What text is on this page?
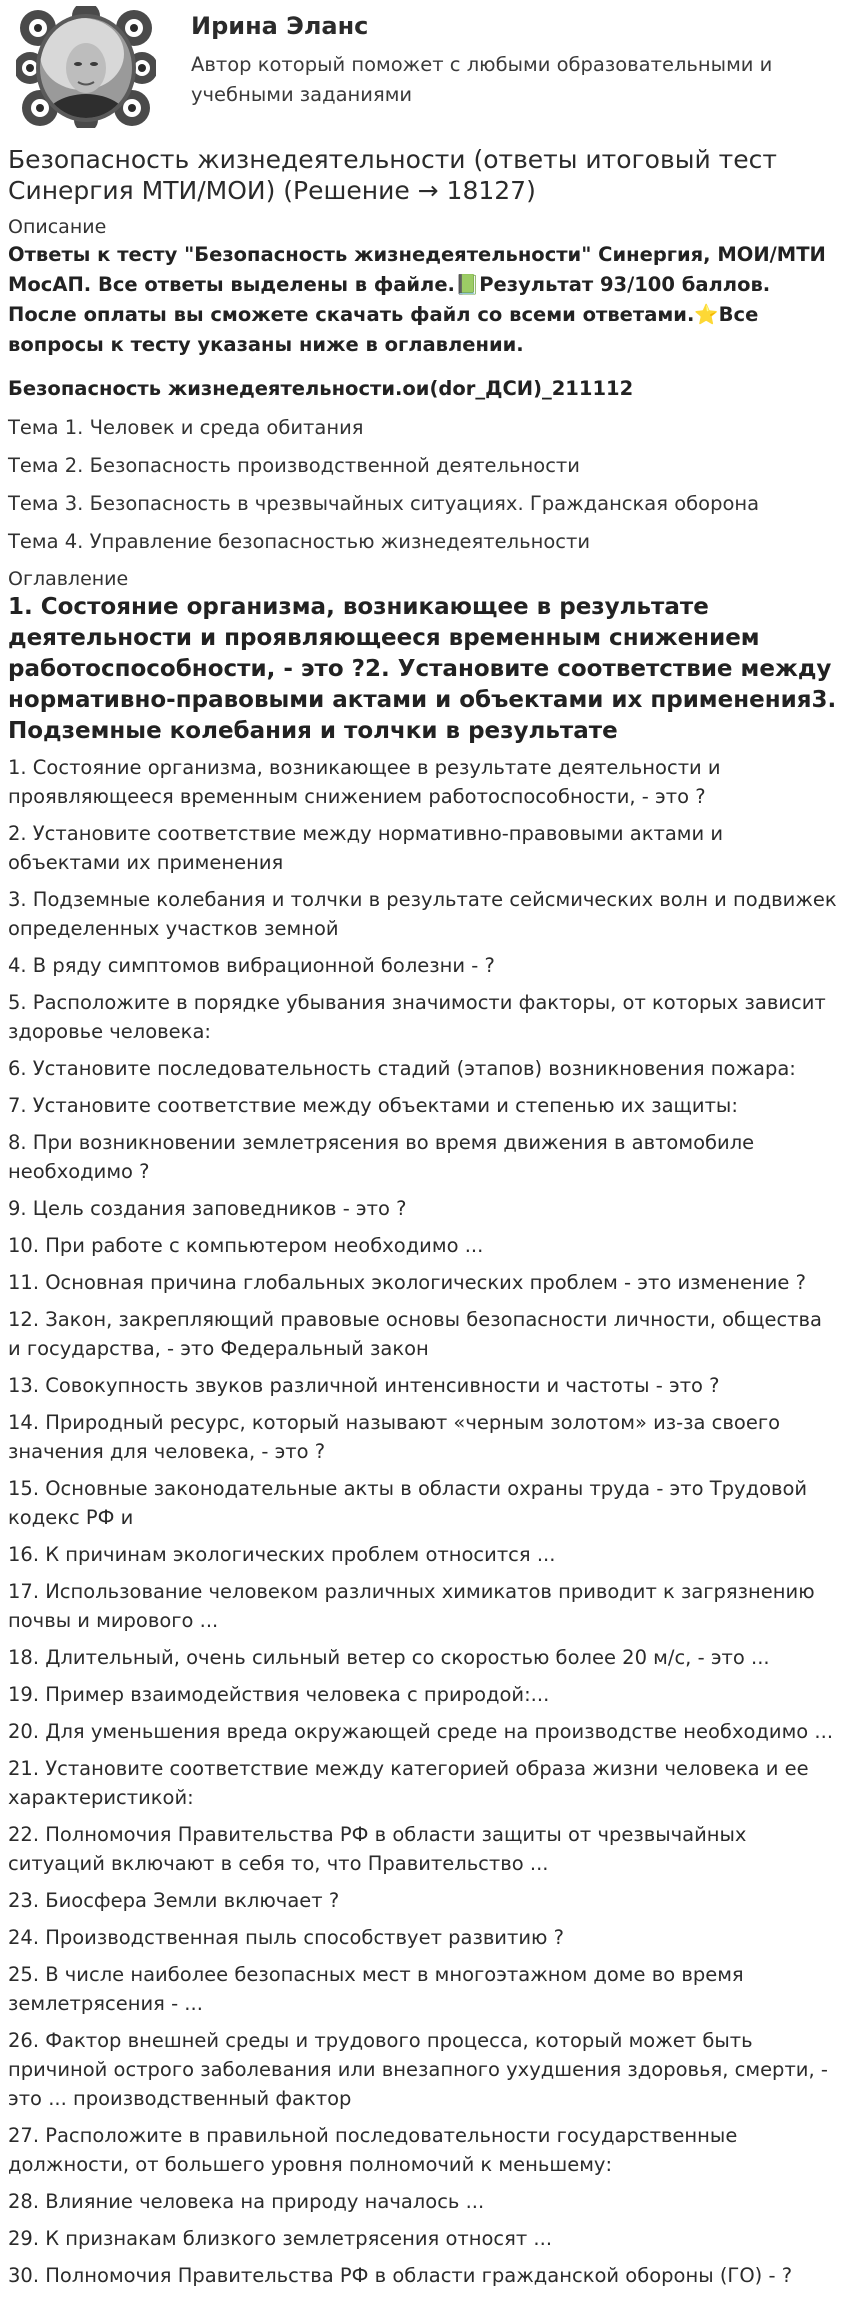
Ирина Эланс
Автор который поможет с любыми образовательными и учебными заданиями
Безопасность жизнедеятельности (ответы итоговый тест Синергия МТИ/МОИ) (Решение → 18127)
Описание
Ответы к тесту "Безопасность жизнедеятельности" Синергия, МОИ/МТИ МосАП. Все ответы выделены в файле.📗Результат 93/100 баллов. После оплаты вы сможете скачать файл со всеми ответами.⭐Все вопросы к тесту указаны ниже в оглавлении.
Безопасность жизнедеятельности.ои(dor_ДСИ)_211112
Тема 1. Человек и среда обитания
Тема 2. Безопасность производственной деятельности
Тема 3. Безопасность в чрезвычайных ситуациях. Гражданская оборона
Тема 4. Управление безопасностью жизнедеятельности
Оглавление
1. Состояние организма, возникающее в результате деятельности и проявляющееся временным снижением работоспособности, - это ?2. Установите соответствие между нормативно-правовыми актами и объектами их применения3. Подземные колебания и толчки в результате
1. Состояние организма, возникающее в результате деятельности и проявляющееся временным снижением работоспособности, - это ?
2. Установите соответствие между нормативно-правовыми актами и объектами их применения
3. Подземные колебания и толчки в результате сейсмических волн и подвижек определенных участков земной
4. В ряду симптомов вибрационной болезни - ?
5. Расположите в порядке убывания значимости факторы, от которых зависит здоровье человека:
6. Установите последовательность стадий (этапов) возникновения пожара:
7. Установите соответствие между объектами и степенью их защиты:
8. При возникновении землетрясения во время движения в автомобиле необходимо ?
9. Цель создания заповедников - это ?
10. При работе с компьютером необходимо ...
11. Основная причина глобальных экологических проблем - это изменение ?
12. Закон, закрепляющий правовые основы безопасности личности, общества и государства, - это Федеральный закон
13. Совокупность звуков различной интенсивности и частоты - это ?
14. Природный ресурс, который называют «черным золотом» из-за своего значения для человека, - это ?
15. Основные законодательные акты в области охраны труда - это Трудовой кодекс РФ и
16. К причинам экологических проблем относится ...
17. Использование человеком различных химикатов приводит к загрязнению почвы и мирового ...
18. Длительный, очень сильный ветер со скоростью более 20 м/с, - это ...
19. Пример взаимодействия человека с природой:...
20. Для уменьшения вреда окружающей среде на производстве необходимо ...
21. Установите соответствие между категорией образа жизни человека и ее характеристикой:
22. Полномочия Правительства РФ в области защиты от чрезвычайных ситуаций включают в себя то, что Правительство ...
23. Биосфера Земли включает ?
24. Производственная пыль способствует развитию ?
25. В числе наиболее безопасных мест в многоэтажном доме во время землетрясения - ...
26. Фактор внешней среды и трудового процесса, который может быть причиной острого заболевания или внезапного ухудшения здоровья, смерти, - это ... производственный фактор
27. Расположите в правильной последовательности государственные должности, от большего уровня полномочий к меньшему:
28. Влияние человека на природу началось ...
29. К признакам близкого землетрясения относят ...
30. Полномочия Правительства РФ в области гражданской обороны (ГО) - ?
